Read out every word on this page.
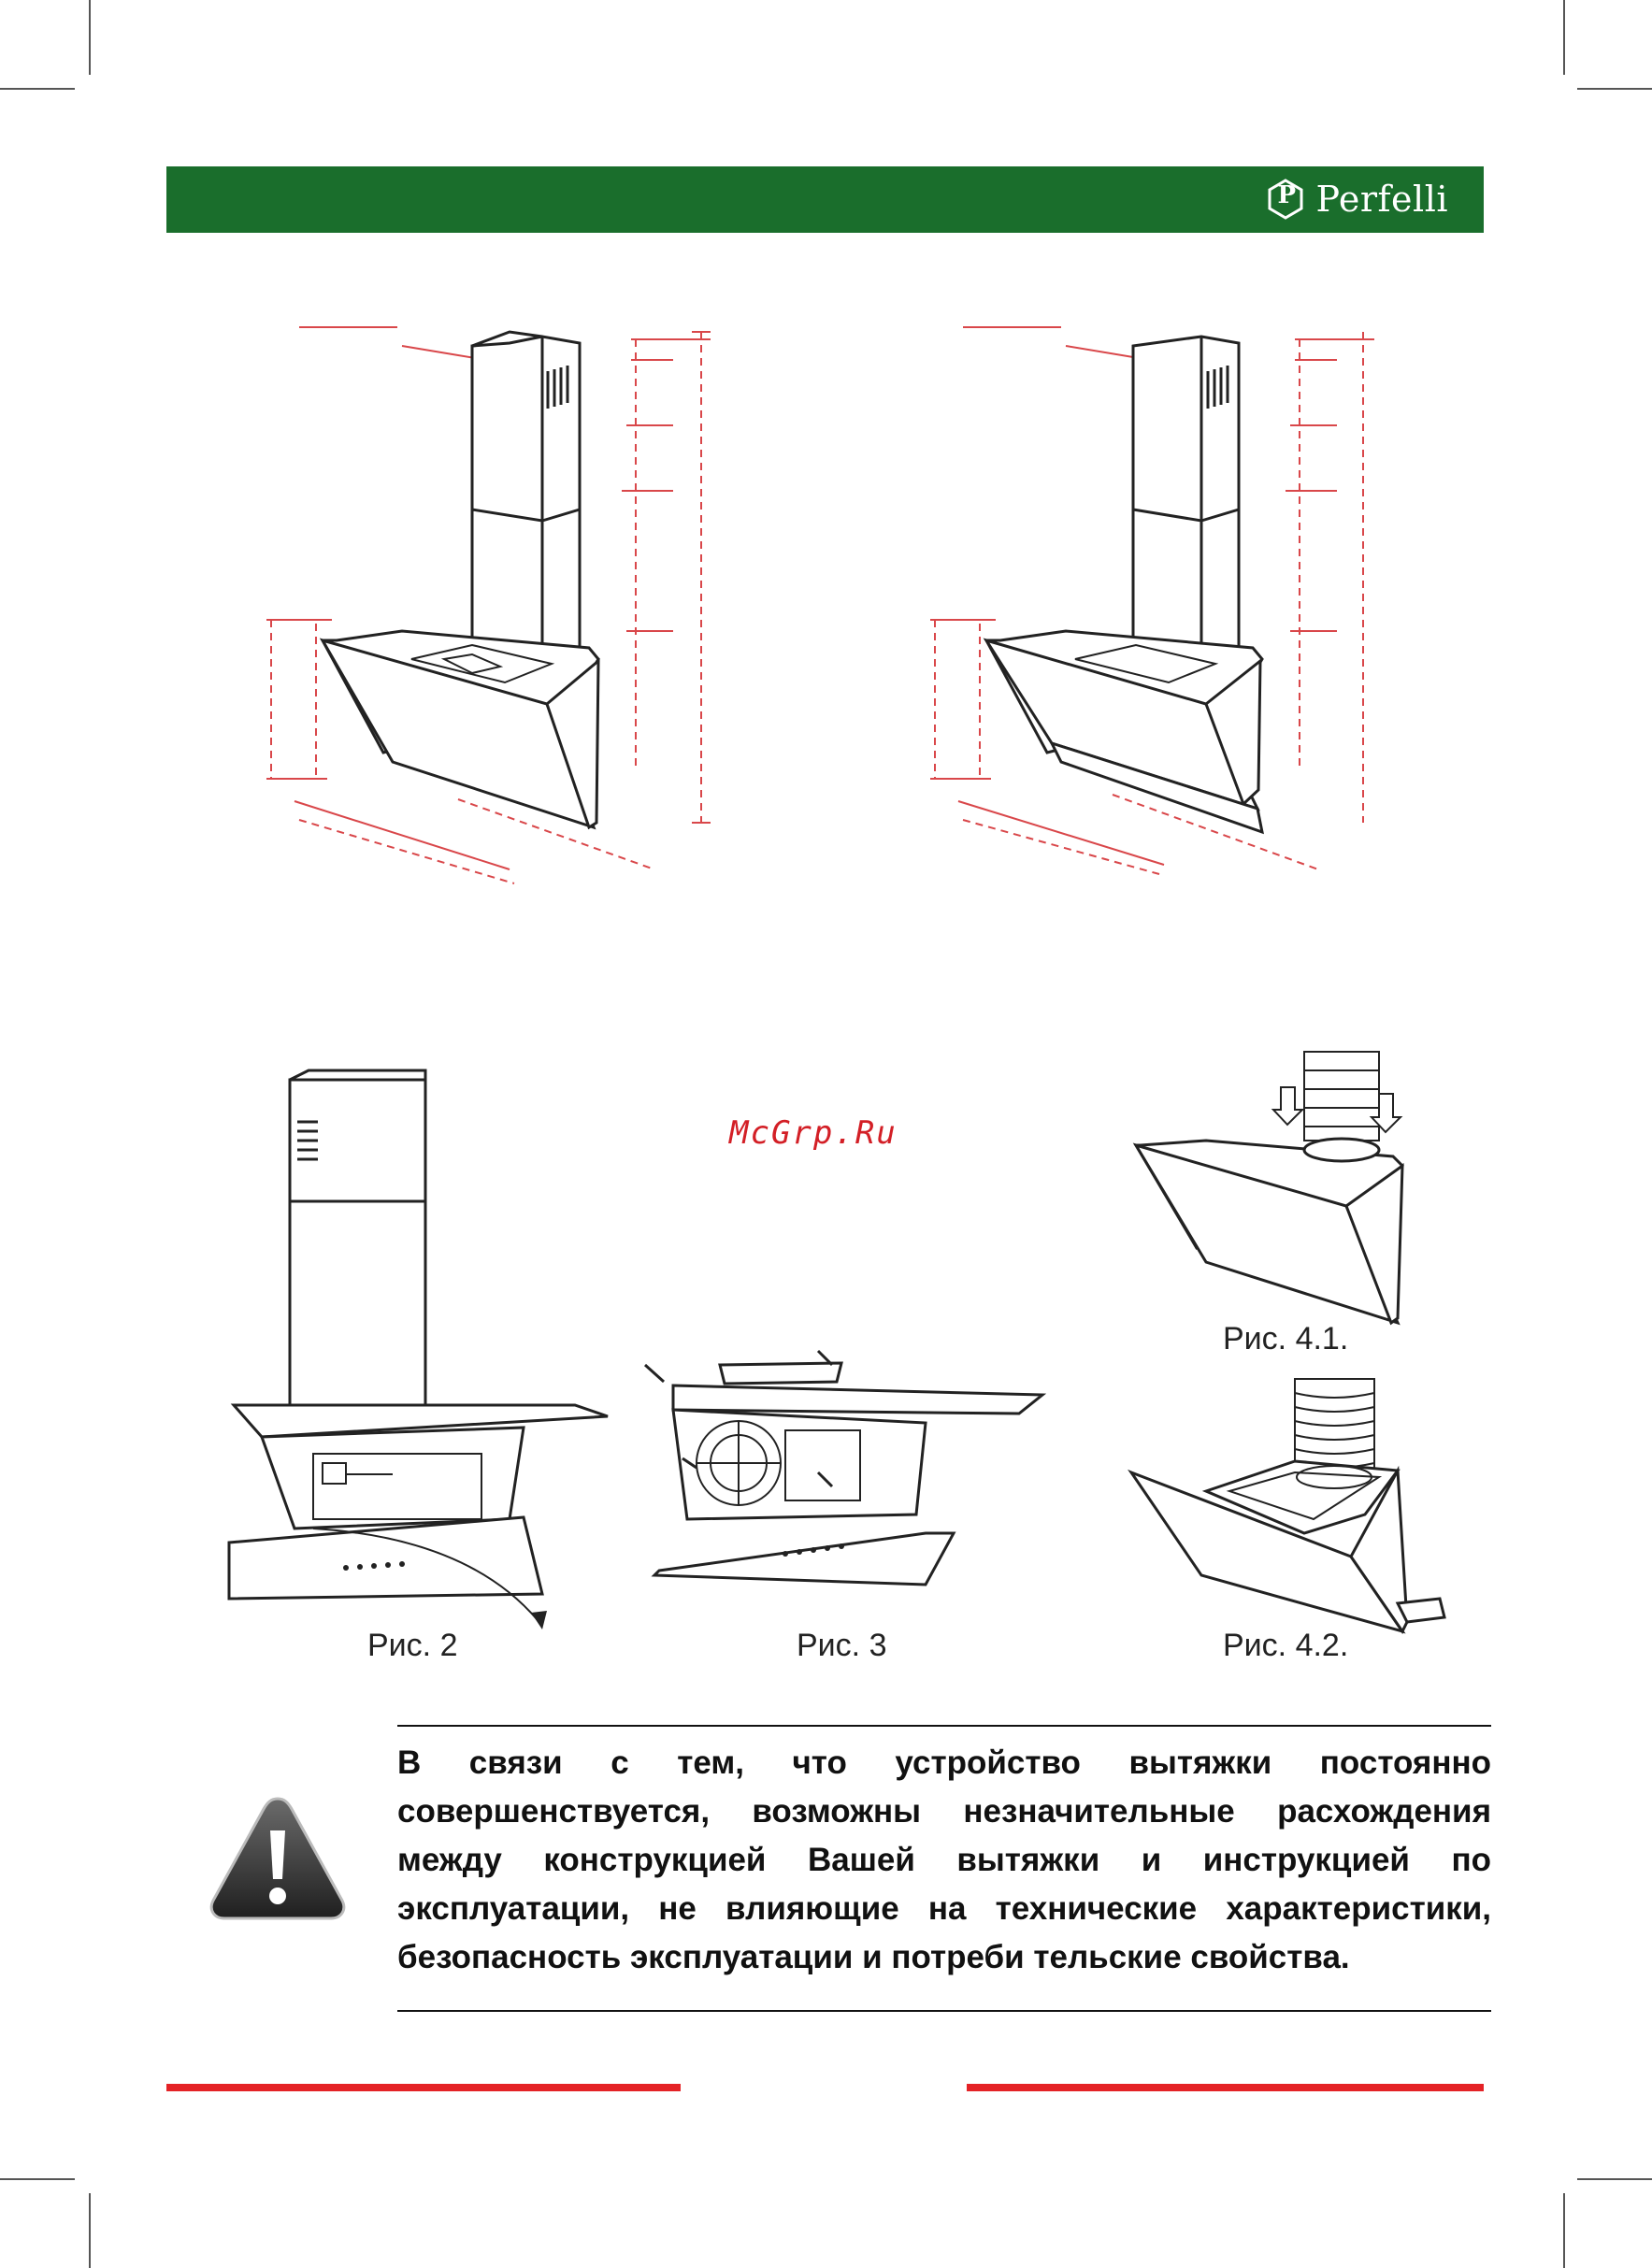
P Perfelli
McGrp.Ru
Рис. 2	Рис. 3
Рис. 4.1.
Рис. 4.2.
В связи с тем, что устройство вытяжки постоянно совершенствуется, возможны незначительные расхождения между конструкцией Вашей вытяжки и инструкцией по эксплуатации, не влияющие на технические характеристики, безопасность эксплуатации и потреби тельские свойства.
